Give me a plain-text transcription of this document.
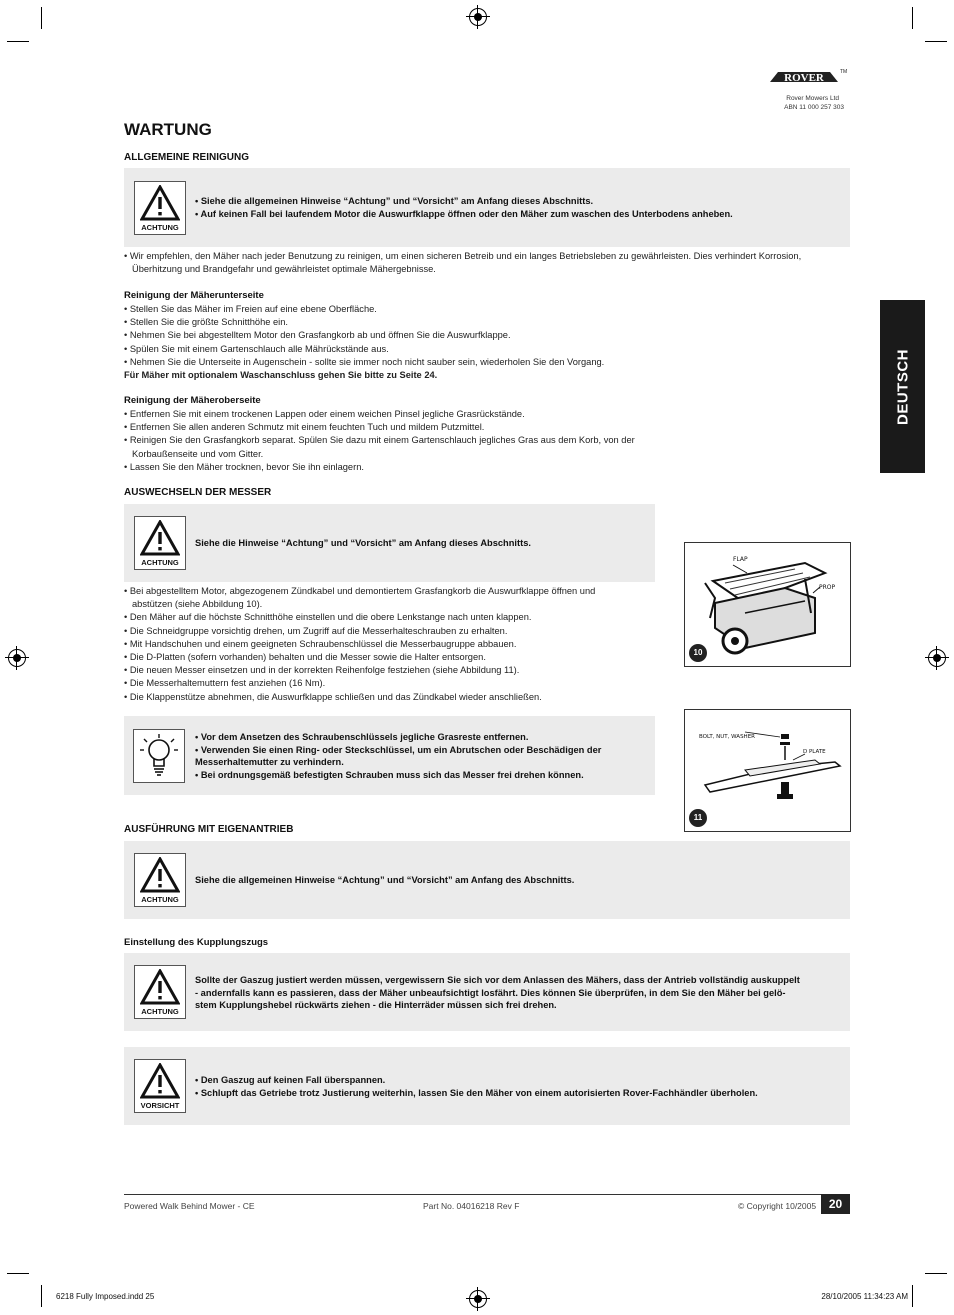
ROVER	TM
Rover Mowers Ltd
ABN 11 000 257 303
DEUTSCH
WARTUNG
ALLGEMEINE REINIGUNG
ACHTUNG
• Siehe die allgemeinen Hinweise “Achtung” und “Vorsicht” am Anfang dieses Abschnitts.
• Auf keinen Fall bei laufendem Motor die Auswurfklappe öffnen oder den Mäher zum waschen des Unterbodens anheben.
• Wir empfehlen, den Mäher nach jeder Benutzung zu reinigen, um einen sicheren Betreib und ein langes Betriebsleben zu gewährleisten. Dies verhindert Korrosion,
Überhitzung und Brandgefahr und gewährleistet optimale Mähergebnisse.
Reinigung der Mäherunterseite
• Stellen Sie das Mäher im Freien auf eine ebene Oberfläche.
• Stellen Sie die größte Schnitthöhe ein.
• Nehmen Sie bei abgestelltem Motor den Grasfangkorb ab und öffnen Sie die Auswurfklappe.
• Spülen Sie mit einem Gartenschlauch alle Mährückstände aus.
• Nehmen Sie die Unterseite in Augenschein - sollte sie immer noch nicht sauber sein, wiederholen Sie den Vorgang.
Für Mäher mit optionalem Waschanschluss gehen Sie bitte zu Seite 24.
Reinigung der Mäheroberseite
• Entfernen Sie mit einem trockenen Lappen oder einem weichen Pinsel jegliche Grasrückstände.
• Entfernen Sie allen anderen Schmutz mit einem feuchten Tuch und mildem Putzmittel.
• Reinigen Sie den Grasfangkorb separat. Spülen Sie dazu mit einem Gartenschlauch jegliches Gras aus dem Korb, von der
Korbaußenseite und vom Gitter.
• Lassen Sie den Mäher trocknen, bevor Sie ihn einlagern.
AUSWECHSELN DER MESSER
ACHTUNG
Siehe die Hinweise “Achtung” und “Vorsicht” am Anfang dieses Abschnitts.
• Bei abgestelltem Motor, abgezogenem Zündkabel und demontiertem Grasfangkorb die Auswurfklappe öffnen und
abstützen (siehe Abbildung 10).
• Den Mäher auf die höchste Schnitthöhe einstellen und die obere Lenkstange nach unten klappen.
• Die Schneidgruppe vorsichtig drehen, um Zugriff auf die Messerhalteschrauben zu erhalten.
• Mit Handschuhen und einem geeigneten Schraubenschlüssel die Messerbaugruppe abbauen.
• Die D-Platten (sofern vorhanden) behalten und die Messer sowie die Halter entsorgen.
• Die neuen Messer einsetzen und in der korrekten Reihenfolge festziehen (siehe Abbildung 11).
• Die Messerhaltemuttern fest anziehen (16 Nm).
• Die Klappenstütze abnehmen, die Auswurfklappe schließen und das Zündkabel wieder anschließen.
• Vor dem Ansetzen des Schraubenschlüssels jegliche Grasreste entfernen.
• Verwenden Sie einen Ring- oder Steckschlüssel, um ein Abrutschen oder Beschädigen der
Messerhaltemutter zu verhindern.
• Bei ordnungsgemäß befestigten Schrauben muss sich das Messer frei drehen können.
FLAP
PROP
10
BOLT, NUT, WASHER
D PLATE
11
AUSFÜHRUNG MIT EIGENANTRIEB
ACHTUNG
Siehe die allgemeinen Hinweise “Achtung” und “Vorsicht” am Anfang des Abschnitts.
Einstellung des Kupplungszugs
ACHTUNG
Sollte der Gaszug justiert werden müssen, vergewissern Sie sich vor dem Anlassen des Mähers, dass der Antrieb vollständig auskuppelt
- andernfalls kann es passieren, dass der Mäher unbeaufsichtigt losfährt. Dies können Sie überprüfen, in dem Sie den Mäher bei gelö-
stem Kupplungshebel rückwärts ziehen - die Hinterräder müssen sich frei drehen.
VORSICHT
• Den Gaszug auf keinen Fall überspannen.
• Schlupft das Getriebe trotz Justierung weiterhin, lassen Sie den Mäher von einem autorisierten Rover-Fachhändler überholen.
Powered Walk Behind Mower - CE	Part No. 04016218 Rev F	© Copyright 10/2005	20
6218 Fully Imposed.indd 25	28/10/2005 11:34:23 AM
